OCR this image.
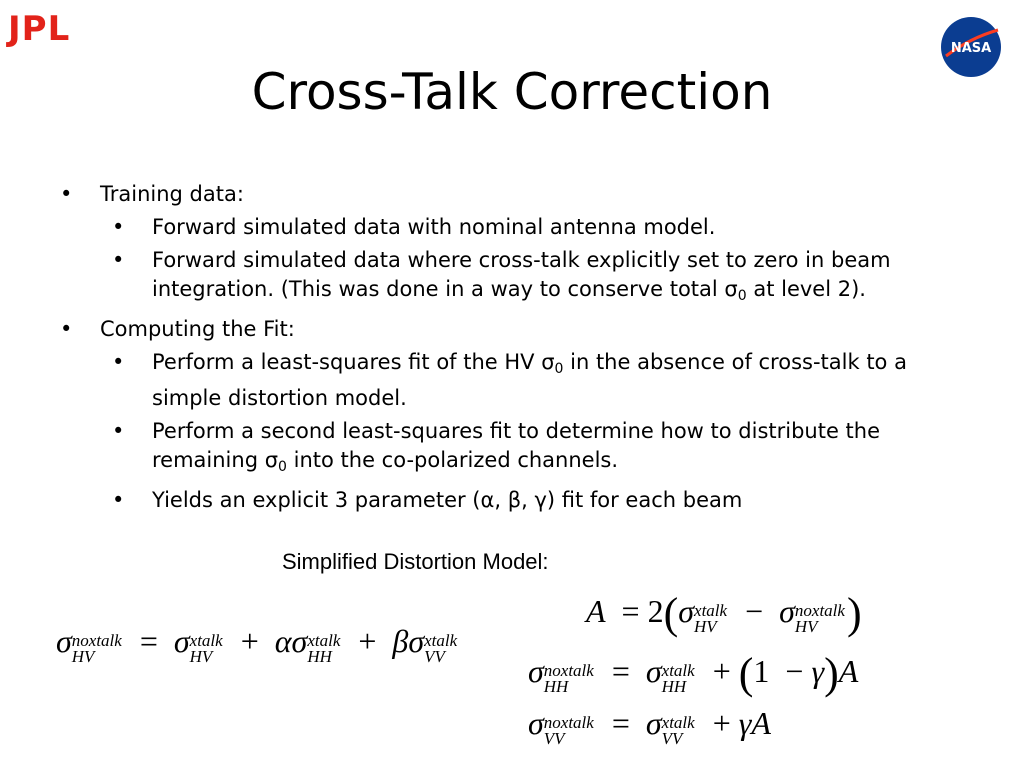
JPL	NASA
Cross-Talk Correction
• Training data:
• Forward simulated data with nominal antenna model.
• Forward simulated data where cross-talk explicitly set to zero in beam integration. (This was done in a way to conserve total $\sigma_0$ at level 2).
• Computing the Fit:
• Perform a least-squares fit of the HV $\sigma_0$ in the absence of cross-talk to a simple distortion model.
• Perform a second least-squares fit to determine how to distribute the remaining $\sigma_0$ into the co-polarized channels.
• Yields an explicit 3 parameter (α, β, γ) fit for each beam
Simplified Distortion Model:
σ noxtalk
HV	= σ xtalk
HV + ασ xtalk
HH + βσ xtalk
VV
A = 2(σ xtalk
HV − σ noxtalk
HV )
σ noxtalk
HH	= σ xtalk
HH + (1 − γ)A
σ noxtalk
VV	= σ xtalk
VV + γA
